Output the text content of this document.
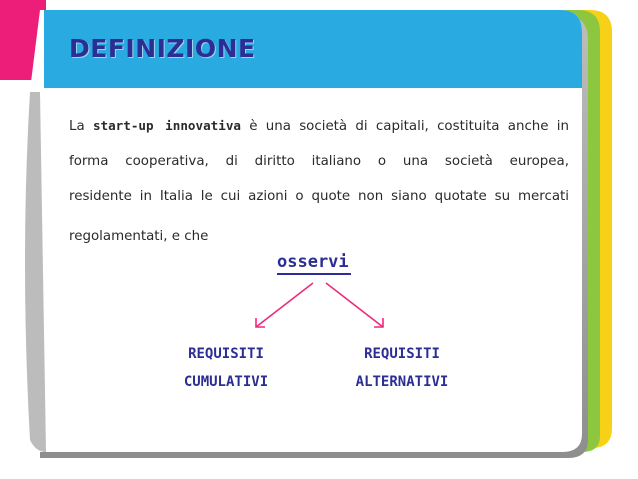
DEFINIZIONE
La start-up innovativa è una società di capitali, costituita anche in
forma cooperativa, di diritto italiano o una società europea,
residente in Italia le cui azioni o quote non siano quotate su mercati
regolamentati, e che
osservi
REQUISITI
CUMULATIVI
REQUISITI
ALTERNATIVI
